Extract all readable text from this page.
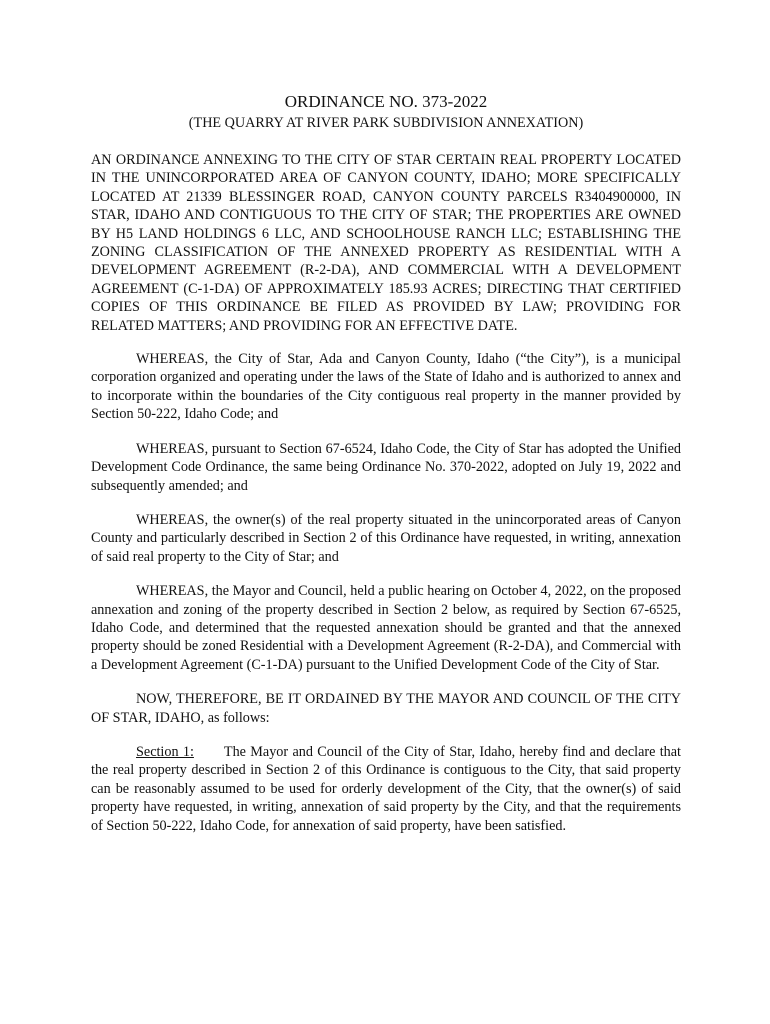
ORDINANCE NO. 373-2022
(THE QUARRY AT RIVER PARK SUBDIVISION ANNEXATION)

AN ORDINANCE ANNEXING TO THE CITY OF STAR CERTAIN REAL PROPERTY LOCATED IN THE UNINCORPORATED AREA OF CANYON COUNTY, IDAHO; MORE SPECIFICALLY LOCATED AT 21339 BLESSINGER ROAD, CANYON COUNTY PARCELS R3404900000, IN STAR, IDAHO AND CONTIGUOUS TO THE CITY OF STAR; THE PROPERTIES ARE OWNED BY H5 LAND HOLDINGS 6 LLC, AND SCHOOLHOUSE RANCH LLC; ESTABLISHING THE ZONING CLASSIFICATION OF THE ANNEXED PROPERTY AS RESIDENTIAL WITH A DEVELOPMENT AGREEMENT (R-2-DA), AND COMMERCIAL WITH A DEVELOPMENT AGREEMENT (C-1-DA) OF APPROXIMATELY 185.93 ACRES; DIRECTING THAT CERTIFIED COPIES OF THIS ORDINANCE BE FILED AS PROVIDED BY LAW; PROVIDING FOR RELATED MATTERS; AND PROVIDING FOR AN EFFECTIVE DATE.

WHEREAS, the City of Star, Ada and Canyon County, Idaho (“the City”), is a municipal corporation organized and operating under the laws of the State of Idaho and is authorized to annex and to incorporate within the boundaries of the City contiguous real property in the manner provided by Section 50-222, Idaho Code; and

WHEREAS, pursuant to Section 67-6524, Idaho Code, the City of Star has adopted the Unified Development Code Ordinance, the same being Ordinance No. 370-2022, adopted on July 19, 2022 and subsequently amended; and

WHEREAS, the owner(s) of the real property situated in the unincorporated areas of Canyon County and particularly described in Section 2 of this Ordinance have requested, in writing, annexation of said real property to the City of Star; and

WHEREAS, the Mayor and Council, held a public hearing on October 4, 2022, on the proposed annexation and zoning of the property described in Section 2 below, as required by Section 67-6525, Idaho Code, and determined that the requested annexation should be granted and that the annexed property should be zoned Residential with a Development Agreement (R-2-DA), and Commercial with a Development Agreement (C-1-DA) pursuant to the Unified Development Code of the City of Star.

NOW, THEREFORE, BE IT ORDAINED BY THE MAYOR AND COUNCIL OF THE CITY OF STAR, IDAHO, as follows:

Section 1: The Mayor and Council of the City of Star, Idaho, hereby find and declare that the real property described in Section 2 of this Ordinance is contiguous to the City, that said property can be reasonably assumed to be used for orderly development of the City, that the owner(s) of said property have requested, in writing, annexation of said property by the City, and that the requirements of Section 50-222, Idaho Code, for annexation of said property, have been satisfied.
